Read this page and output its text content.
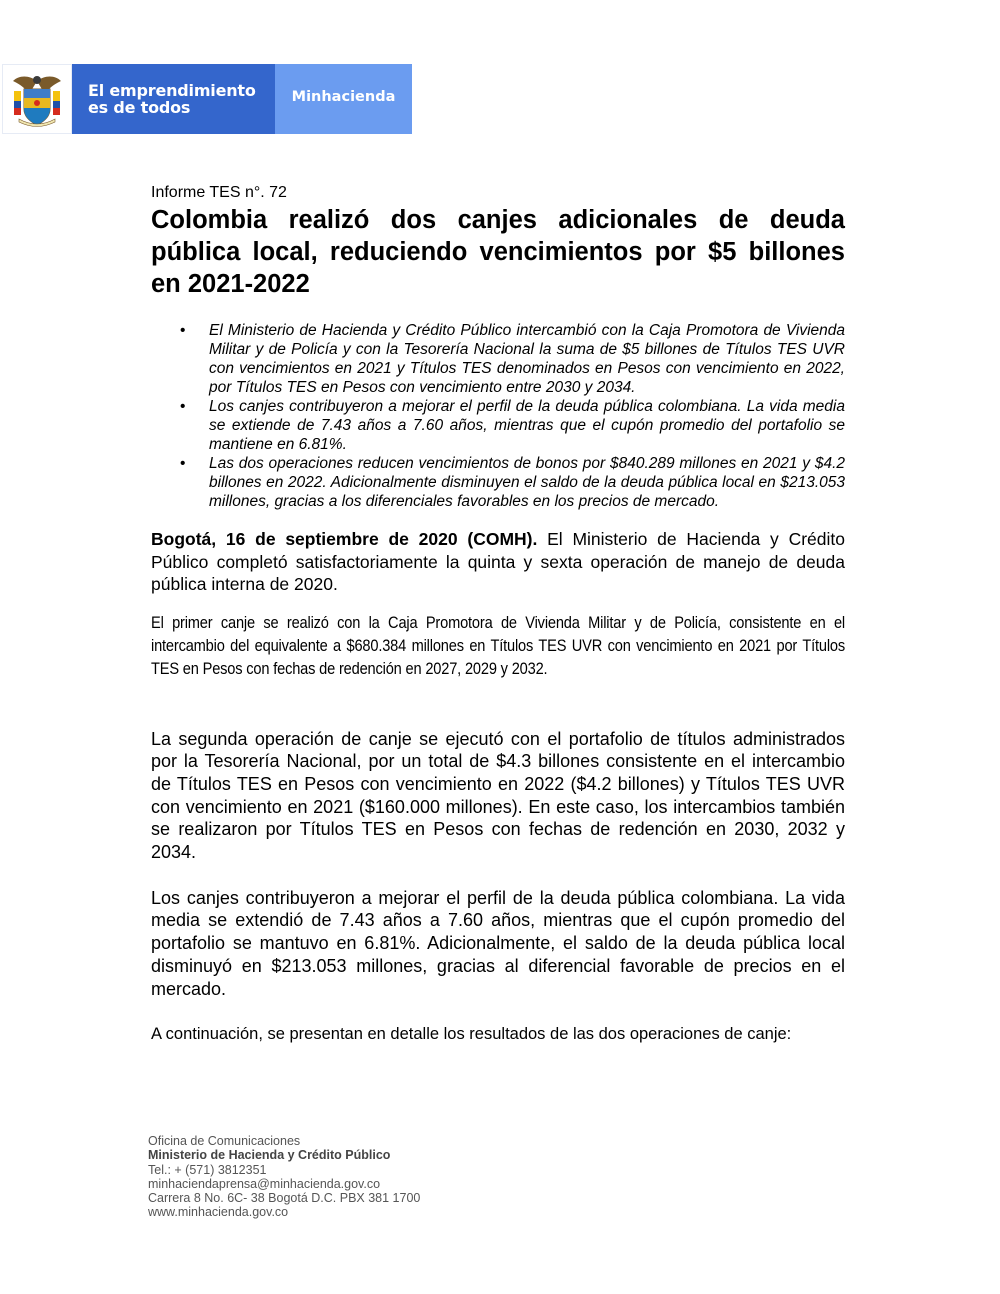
El emprendimiento
es de todos
Minhacienda

Informe TES n°. 72

Colombia realizó dos canjes adicionales de deuda pública local, reduciendo vencimientos por $5 billones en 2021-2022
• El Ministerio de Hacienda y Crédito Público intercambió con la Caja Promotora de Vivienda Militar y de Policía y con la Tesorería Nacional la suma de $5 billones de Títulos TES UVR con vencimientos en 2021 y Títulos TES denominados en Pesos con vencimiento en 2022, por Títulos TES en Pesos con vencimiento entre 2030 y 2034.
• Los canjes contribuyeron a mejorar el perfil de la deuda pública colombiana. La vida media se extiende de 7.43 años a 7.60 años, mientras que el cupón promedio del portafolio se mantiene en 6.81%.
• Las dos operaciones reducen vencimientos de bonos por $840.289 millones en 2021 y $4.2 billones en 2022. Adicionalmente disminuyen el saldo de la deuda pública local en $213.053 millones, gracias a los diferenciales favorables en los precios de mercado.

Bogotá, 16 de septiembre de 2020 (COMH). El Ministerio de Hacienda y Crédito Público completó satisfactoriamente la quinta y sexta operación de manejo de deuda pública interna de 2020.

El primer canje se realizó con la Caja Promotora de Vivienda Militar y de Policía, consistente en el intercambio del equivalente a $680.384 millones en Títulos TES UVR con vencimiento en 2021 por Títulos TES en Pesos con fechas de redención en 2027, 2029 y 2032.

La segunda operación de canje se ejecutó con el portafolio de títulos administrados por la Tesorería Nacional, por un total de $4.3 billones consistente en el intercambio de Títulos TES en Pesos con vencimiento en 2022 ($4.2 billones) y Títulos TES UVR con vencimiento en 2021 ($160.000 millones). En este caso, los intercambios también se realizaron por Títulos TES en Pesos con fechas de redención en 2030, 2032 y 2034.

Los canjes contribuyeron a mejorar el perfil de la deuda pública colombiana. La vida media se extendió de 7.43 años a 7.60 años, mientras que el cupón promedio del portafolio se mantuvo en 6.81%. Adicionalmente, el saldo de la deuda pública local disminuyó en $213.053 millones, gracias al diferencial favorable de precios en el mercado.

A continuación, se presentan en detalle los resultados de las dos operaciones de canje:

Oficina de Comunicaciones
Ministerio de Hacienda y Crédito Público
Tel.: + (571) 3812351
minhaciendaprensa@minhacienda.gov.co
Carrera 8 No. 6C- 38 Bogotá D.C. PBX 381 1700
www.minhacienda.gov.co
